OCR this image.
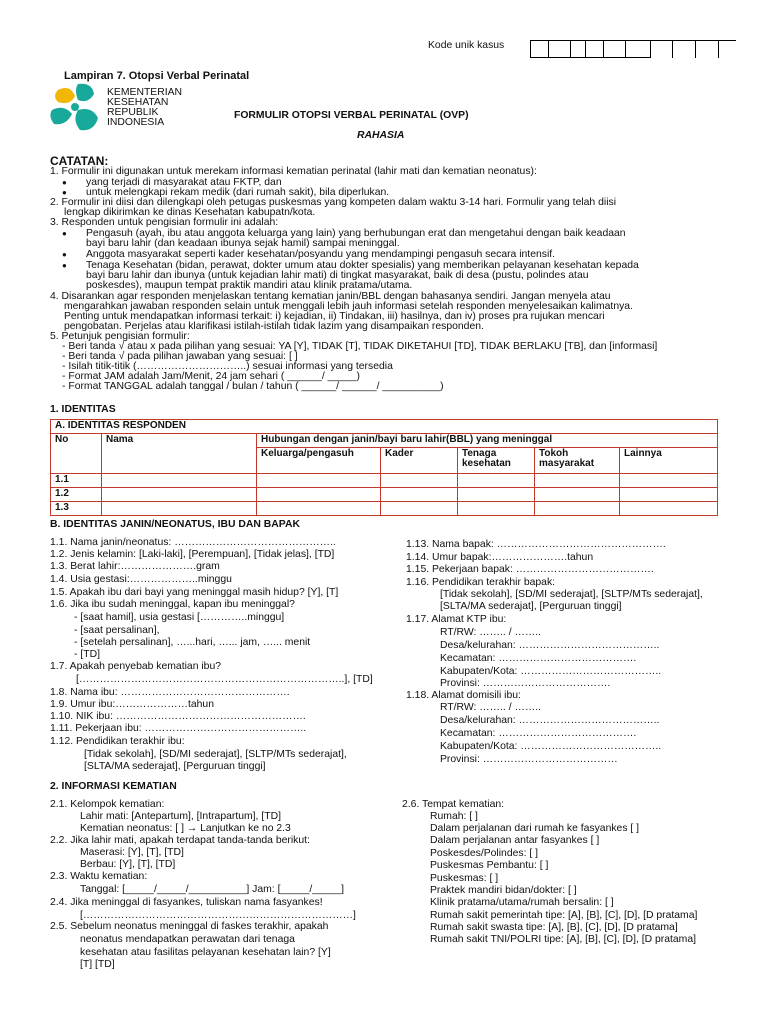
Kode unik kasus
Lampiran 7. Otopsi Verbal Perinatal
KEMENTERIAN
KESEHATAN
REPUBLIK
INDONESIA
FORMULIR OTOPSI VERBAL PERINATAL (OVP)
RAHASIA
CATATAN:
1. Formulir ini digunakan untuk merekam informasi kematian perinatal (lahir mati dan kematian neonatus):
● yang terjadi di masyarakat atau FKTP, dan
● untuk melengkapi rekam medik (dari rumah sakit), bila diperlukan.
2. Formulir ini diisi dan dilengkapi oleh petugas puskesmas yang kompeten dalam waktu 3-14 hari. Formulir yang telah diisi
lengkap dikirimkan ke dinas Kesehatan kabupatn/kota.
3. Responden untuk pengisian formulir ini adalah:
● Pengasuh (ayah, ibu atau anggota keluarga yang lain) yang berhubungan erat dan mengetahui dengan baik keadaan
bayi baru lahir (dan keadaan ibunya sejak hamil) sampai meninggal.
● Anggota masyarakat seperti kader kesehatan/posyandu yang mendampingi pengasuh secara intensif.
● Tenaga Kesehatan (bidan, perawat, dokter umum atau dokter spesialis) yang memberikan pelayanan kesehatan kepada
bayi baru lahir dan ibunya (untuk kejadian lahir mati) di tingkat masyarakat, baik di desa (pustu, polindes atau
poskesdes), maupun tempat praktik mandiri atau klinik pratama/utama.
4. Disarankan agar responden menjelaskan tentang kematian janin/BBL dengan bahasanya sendiri. Jangan menyela atau
mengarahkan jawaban responden selain untuk menggali lebih jauh informasi setelah responden menyelesaikan kalimatnya.
Penting untuk mendapatkan informasi terkait: i) kejadian, ii) Tindakan, iii) hasilnya, dan iv) proses pra rujukan mencari
pengobatan. Perjelas atau klarifikasi istilah-istilah tidak lazim yang disampaikan responden.
5. Petunjuk pengisian formulir:
- Beri tanda √ atau x pada pilihan yang sesuai: YA [Y], TIDAK [T], TIDAK DIKETAHUI [TD], TIDAK BERLAKU [TB], dan [informasi]
- Beri tanda √ pada pilihan jawaban yang sesuai: [ ]
- Isilah titik-titik (…………………………..) sesuai informasi yang tersedia
- Format JAM adalah Jam/Menit, 24 jam sehari ( ______/ _____)
- Format TANGGAL adalah tanggal / bulan / tahun ( ______/ ______/ __________)
1. IDENTITAS
A. IDENTITAS RESPONDEN						
No	Nama	Hubungan dengan janin/bayi baru lahir(BBL) yang meninggal				
		Keluarga/pengasuh	Kader	Tenaga kesehatan	Tokoh masyarakat	Lainnya
1.1						
1.2						
1.3						
B. IDENTITAS JANIN/NEONATUS, IBU DAN BAPAK
1.1. Nama janin/neonatus: ………………………………………..
1.2. Jenis kelamin: [Laki-laki], [Perempuan], [Tidak jelas], [TD]
1.3. Berat lahir:………………….gram
1.4. Usia gestasi:………………..minggu
1.5. Apakah ibu dari bayi yang meninggal masih hidup? [Y], [T]
1.6. Jika ibu sudah meninggal, kapan ibu meninggal?
- [saat hamil], usia gestasi […………..minggu]
- [saat persalinan],
- [setelah persalinan], …...hari, …... jam, …... menit
- [TD]
1.7. Apakah penyebab kematian ibu?
[…………………………………………………………………..], [TD]
1.8. Nama ibu: ………………………………………….
1.9. Umur ibu:…………………tahun
1.10. NIK ibu: ……………………………………………….
1.11. Pekerjaan ibu: ………………………………………..
1.12. Pendidikan terakhir ibu:
[Tidak sekolah], [SD/MI sederajat], [SLTP/MTs sederajat],
[SLTA/MA sederajat], [Perguruan tinggi]
1.13. Nama bapak: ………………………………………….
1.14. Umur bapak:………………….tahun
1.15. Pekerjaan bapak: ………………………………….
1.16. Pendidikan terakhir bapak:
[Tidak sekolah], [SD/MI sederajat], [SLTP/MTs sederajat],
[SLTA/MA sederajat], [Perguruan tinggi]
1.17. Alamat KTP ibu:
RT/RW: …….. / ……..
Desa/kelurahan: …………………………………..
Kecamatan: ………………………………….
Kabupaten/Kota: …………………………………..
Provinsi: ……………………………….
1.18. Alamat domisili ibu:
RT/RW: …….. / ……..
Desa/kelurahan: …………………………………..
Kecamatan: ………………………………….
Kabupaten/Kota: …………………………………..
Provinsi: …………………………………
2. INFORMASI KEMATIAN
2.1. Kelompok kematian:
Lahir mati: [Antepartum], [Intrapartum], [TD]
Kematian neonatus: [ ] → Lanjutkan ke no 2.3
2.2. Jika lahir mati, apakah terdapat tanda-tanda berikut:
Maserasi: [Y], [T], [TD]
Berbau: [Y], [T], [TD]
2.3. Waktu kematian:
Tanggal: [_____/_____/__________] Jam: [_____/_____]
2.4. Jika meninggal di fasyankes, tuliskan nama fasyankes!
[……………………………………………………………………]
2.5. Sebelum neonatus meninggal di faskes terakhir, apakah
neonatus mendapatkan perawatan dari tenaga
kesehatan atau fasilitas pelayanan kesehatan lain? [Y]
[T] [TD]
2.6. Tempat kematian:
Rumah: [ ]
Dalam perjalanan dari rumah ke fasyankes [ ]
Dalam perjalanan antar fasyankes [ ]
Poskesdes/Polindes: [ ]
Puskesmas Pembantu: [ ]
Puskesmas: [ ]
Praktek mandiri bidan/dokter: [ ]
Klinik pratama/utama/rumah bersalin: [ ]
Rumah sakit pemerintah tipe: [A], [B], [C], [D], [D pratama]
Rumah sakit swasta tipe: [A], [B], [C], [D], [D pratama]
Rumah sakit TNI/POLRI tipe: [A], [B], [C], [D], [D pratama]
